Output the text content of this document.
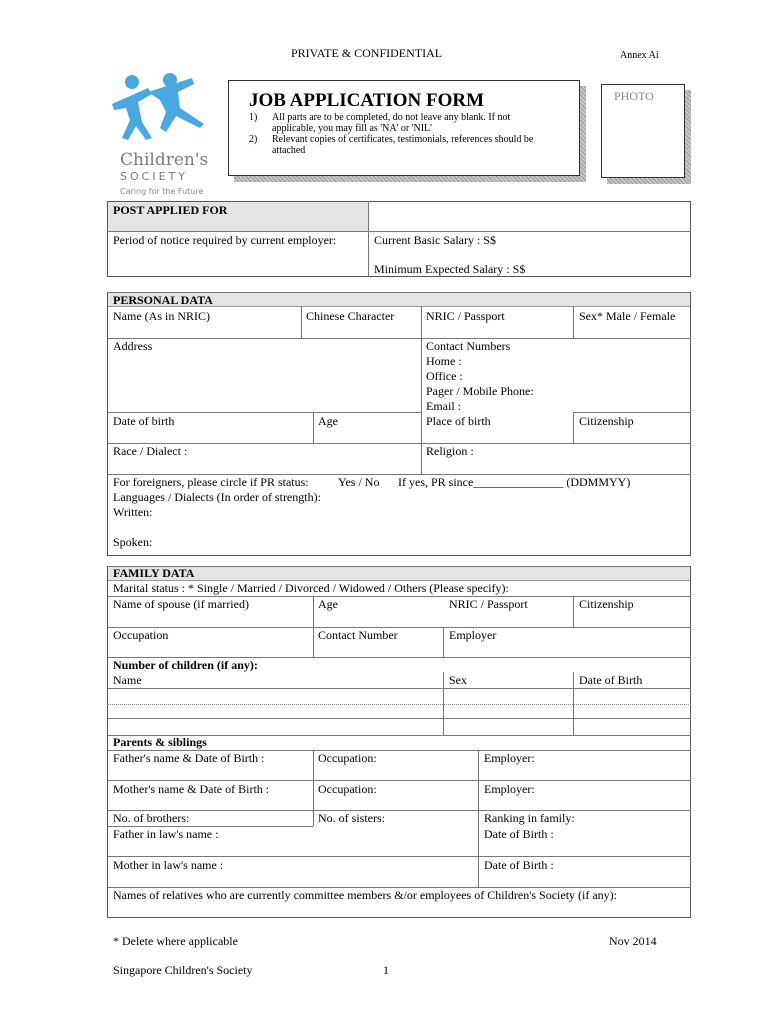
PRIVATE & CONFIDENTIAL	Annex Ai
Children's
SOCIETY
Caring for the Future
JOB APPLICATION FORM
1) All parts are to be completed, do not leave any blank. If not applicable, you may fill as 'NA' or 'NIL'
2) Relevant copies of certificates, testimonials, references should be attached
PHOTO
POST APPLIED FOR
Period of notice required by current employer:	Current Basic Salary : S$
Minimum Expected Salary : S$
PERSONAL DATA
Name (As in NRIC)	Chinese Character	NRIC / Passport	Sex* Male / Female
Address	Contact Numbers
Home :
Office :
Pager / Mobile Phone:
Email :
Date of birth	Age	Place of birth	Citizenship
Race / Dialect :	Religion :
For foreigners, please circle if PR status: Yes / No If yes, PR since_______________ (DDMMYY)
Languages / Dialects (In order of strength):
Written:
Spoken:
FAMILY DATA
Marital status : * Single / Married / Divorced / Widowed / Others (Please specify):
Name of spouse (if married)	Age	NRIC / Passport	Citizenship
Occupation	Contact Number	Employer
Number of children (if any):
Name	Sex	Date of Birth
Parents & siblings
Father's name & Date of Birth :	Occupation:	Employer:
Mother's name & Date of Birth :	Occupation:	Employer:
No. of brothers:	No. of sisters:	Ranking in family:
Father in law's name :	Date of Birth :
Mother in law's name :	Date of Birth :
Names of relatives who are currently committee members &/or employees of Children's Society (if any):
* Delete where applicable	Nov 2014
Singapore Children's Society	1
